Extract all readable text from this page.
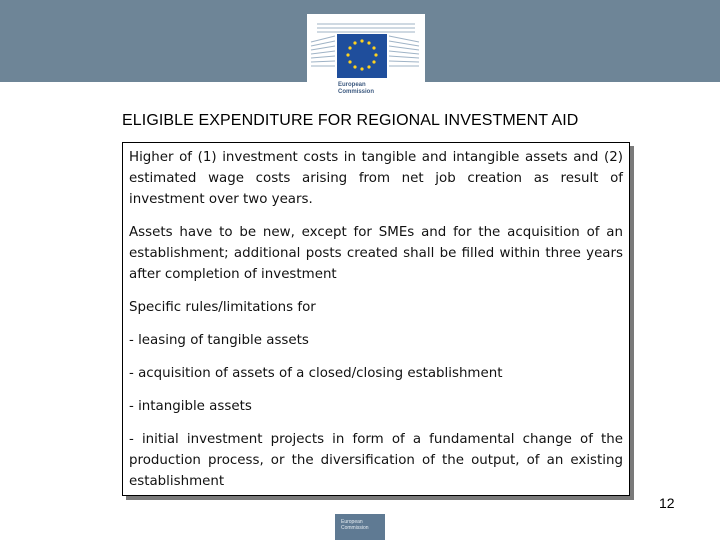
European
Commission
ELIGIBLE EXPENDITURE FOR REGIONAL INVESTMENT AID

Higher of (1) investment costs in tangible and intangible assets and (2) estimated wage costs arising from net job creation as result of investment over two years.

Assets have to be new, except for SMEs and for the acquisition of an establishment; additional posts created shall be filled within three years after completion of investment

Specific rules/limitations for

- leasing of tangible assets

- acquisition of assets of a closed/closing establishment

- intangible assets

- initial investment projects in form of a fundamental change of the production process, or the diversification of the output, of an existing establishment

12
European Commission
